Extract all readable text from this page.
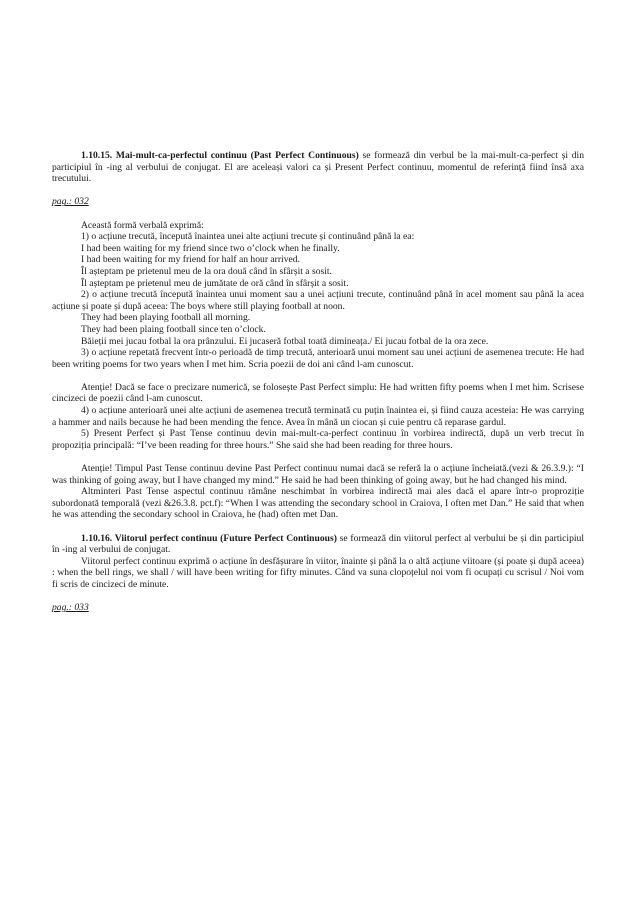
1.10.15. Mai-mult-ca-perfectul continuu (Past Perfect Continuous) se formează din verbul be la mai-mult-ca-perfect și din participiul în -ing al verbului de conjugat. El are aceleași valori ca și Present Perfect continuu, momentul de referință fiind însă axa trecutului.

pag.: 032

Această formă verbală exprimă:

1) o acțiune trecută, începută înaintea unei alte acțiuni trecute și continuând până la ea:

I had been waiting for my friend since two o’clock when he finally.

I had been waiting for my friend for half an hour arrived.

Îl așteptam pe prietenul meu de la ora două când în sfârșit a sosit.

Îl așteptam pe prietenul meu de jumătate de oră când în sfârșit a sosit.

2) o acțiune trecută începută înaintea unui moment sau a unei acțiuni trecute, continuând până în acel moment sau până la acea acțiune și poate și după aceea: The boys where still playing football at noon.

They had been playing football all morning.

They had been plaing football since ten o’clock.

Băieții mei jucau fotbal la ora prânzului. Ei jucaseră fotbal toată dimineața./ Ei jucau fotbal de la ora zece.

3) o acțiune repetată frecvent într-o perioadă de timp trecută, anterioară unui moment sau unei acțiuni de asemenea trecute: He had been writing poems for two years when I met him. Scria poezii de doi ani când l-am cunoscut.

Atenție! Dacă se face o precizare numerică, se folosește Past Perfect simplu: He had written fifty poems when I met him. Scrisese cincizeci de poezii când l-am cunoscut.

4) o acțiune anterioară unei alte acțiuni de asemenea trecută terminată cu puțin înaintea ei, și fiind cauza acesteia: He was carrying a hammer and nails because he had been mending the fence. Avea în mână un ciocan și cuie pentru că reparase gardul.

5) Present Perfect și Past Tense continuu devin mai-mult-ca-perfect continuu în vorbirea indirectă, după un verb trecut în propoziția principală: “I’ve been reading for three hours.” She said she had been reading for three hours.

Atenție! Timpul Past Tense continuu devine Past Perfect continuu numai dacă se referă la o acțiune încheiată.(vezi & 26.3.9.): “I was thinking of going away, but I have changed my mind.” He said he had been thinking of going away, but he had changed his mind.

Altminteri Past Tense aspectul continuu rămâne neschimbat în vorbirea indirectă mai ales dacă el apare într-o proproziție subordonată temporală (vezi &26.3.8. pct.f): “When I was attending the secondary school in Craiova, I often met Dan.” He said that when he was attending the secondary school in Craiova, he (had) often met Dan.

1.10.16. Viitorul perfect continuu (Future Perfect Continuous) se formează din viitorul perfect al verbului be și din participiul în -ing al verbului de conjugat.

Viitorul perfect continuu exprimă o acțiune în desfășurare în viitor, înainte și până la o altă acțiune viitoare (și poate și după aceea) : when the bell rings, we shall / will have been writing for fifty minutes. Când va suna clopoțelul noi vom fi ocupați cu scrisul / Noi vom fi scris de cincizeci de minute.

pag.: 033
